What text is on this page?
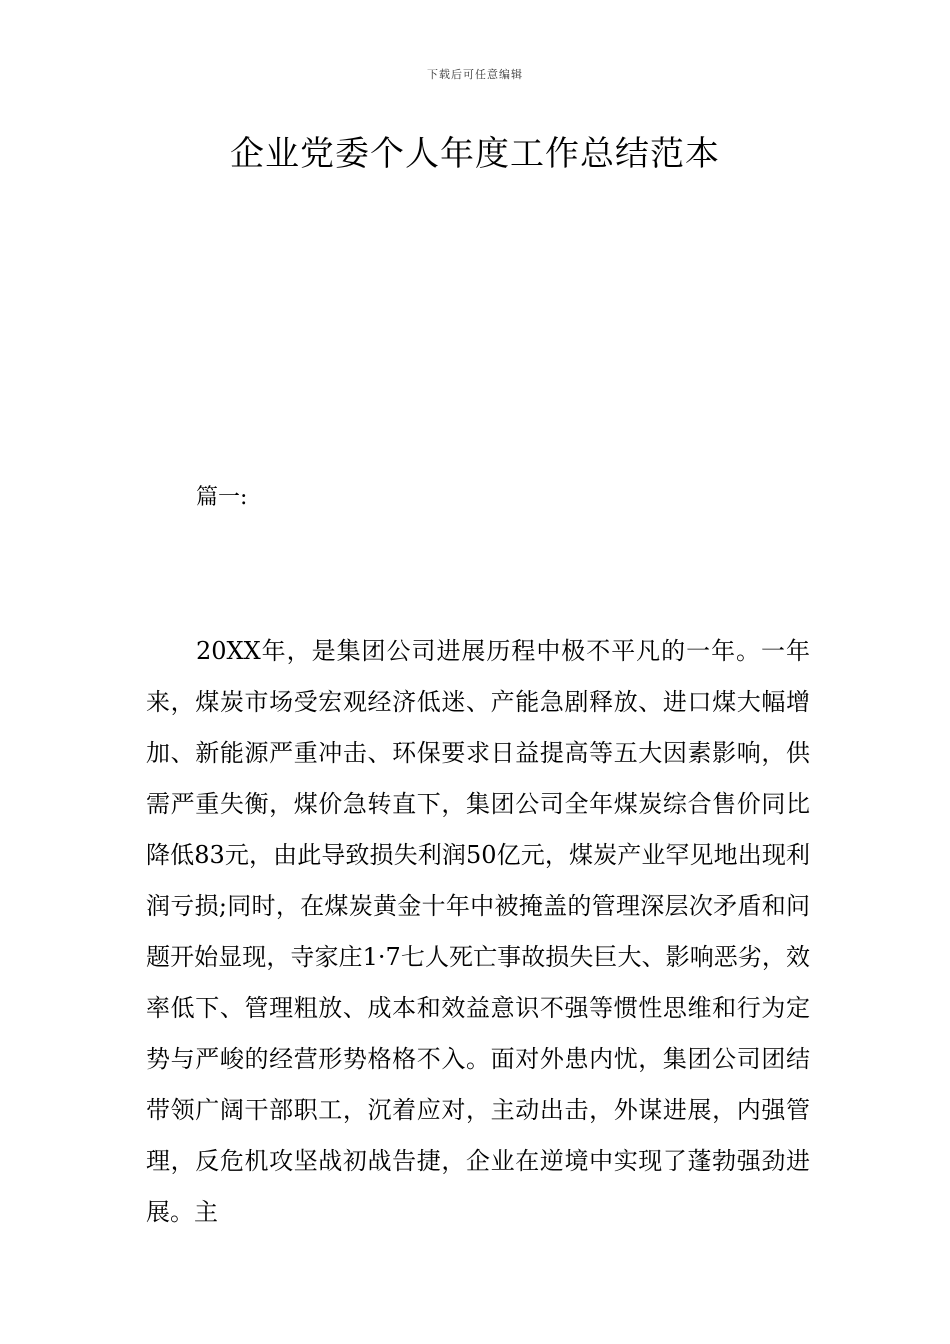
下载后可任意编辑
企业党委个人年度工作总结范本
篇一:

20XX年，是集团公司进展历程中极不平凡的一年。一年来，煤炭市场受宏观经济低迷、产能急剧释放、进口煤大幅增加、新能源严重冲击、环保要求日益提高等五大因素影响，供需严重失衡，煤价急转直下，集团公司全年煤炭综合售价同比降低83元，由此导致损失利润50亿元，煤炭产业罕见地出现利润亏损;同时，在煤炭黄金十年中被掩盖的管理深层次矛盾和问题开始显现，寺家庄1·7七人死亡事故损失巨大、影响恶劣，效率低下、管理粗放、成本和效益意识不强等惯性思维和行为定势与严峻的经营形势格格不入。面对外患内忧，集团公司团结带领广阔干部职工，沉着应对，主动出击，外谋进展，内强管理，反危机攻坚战初战告捷，企业在逆境中实现了蓬勃强劲进展。主
